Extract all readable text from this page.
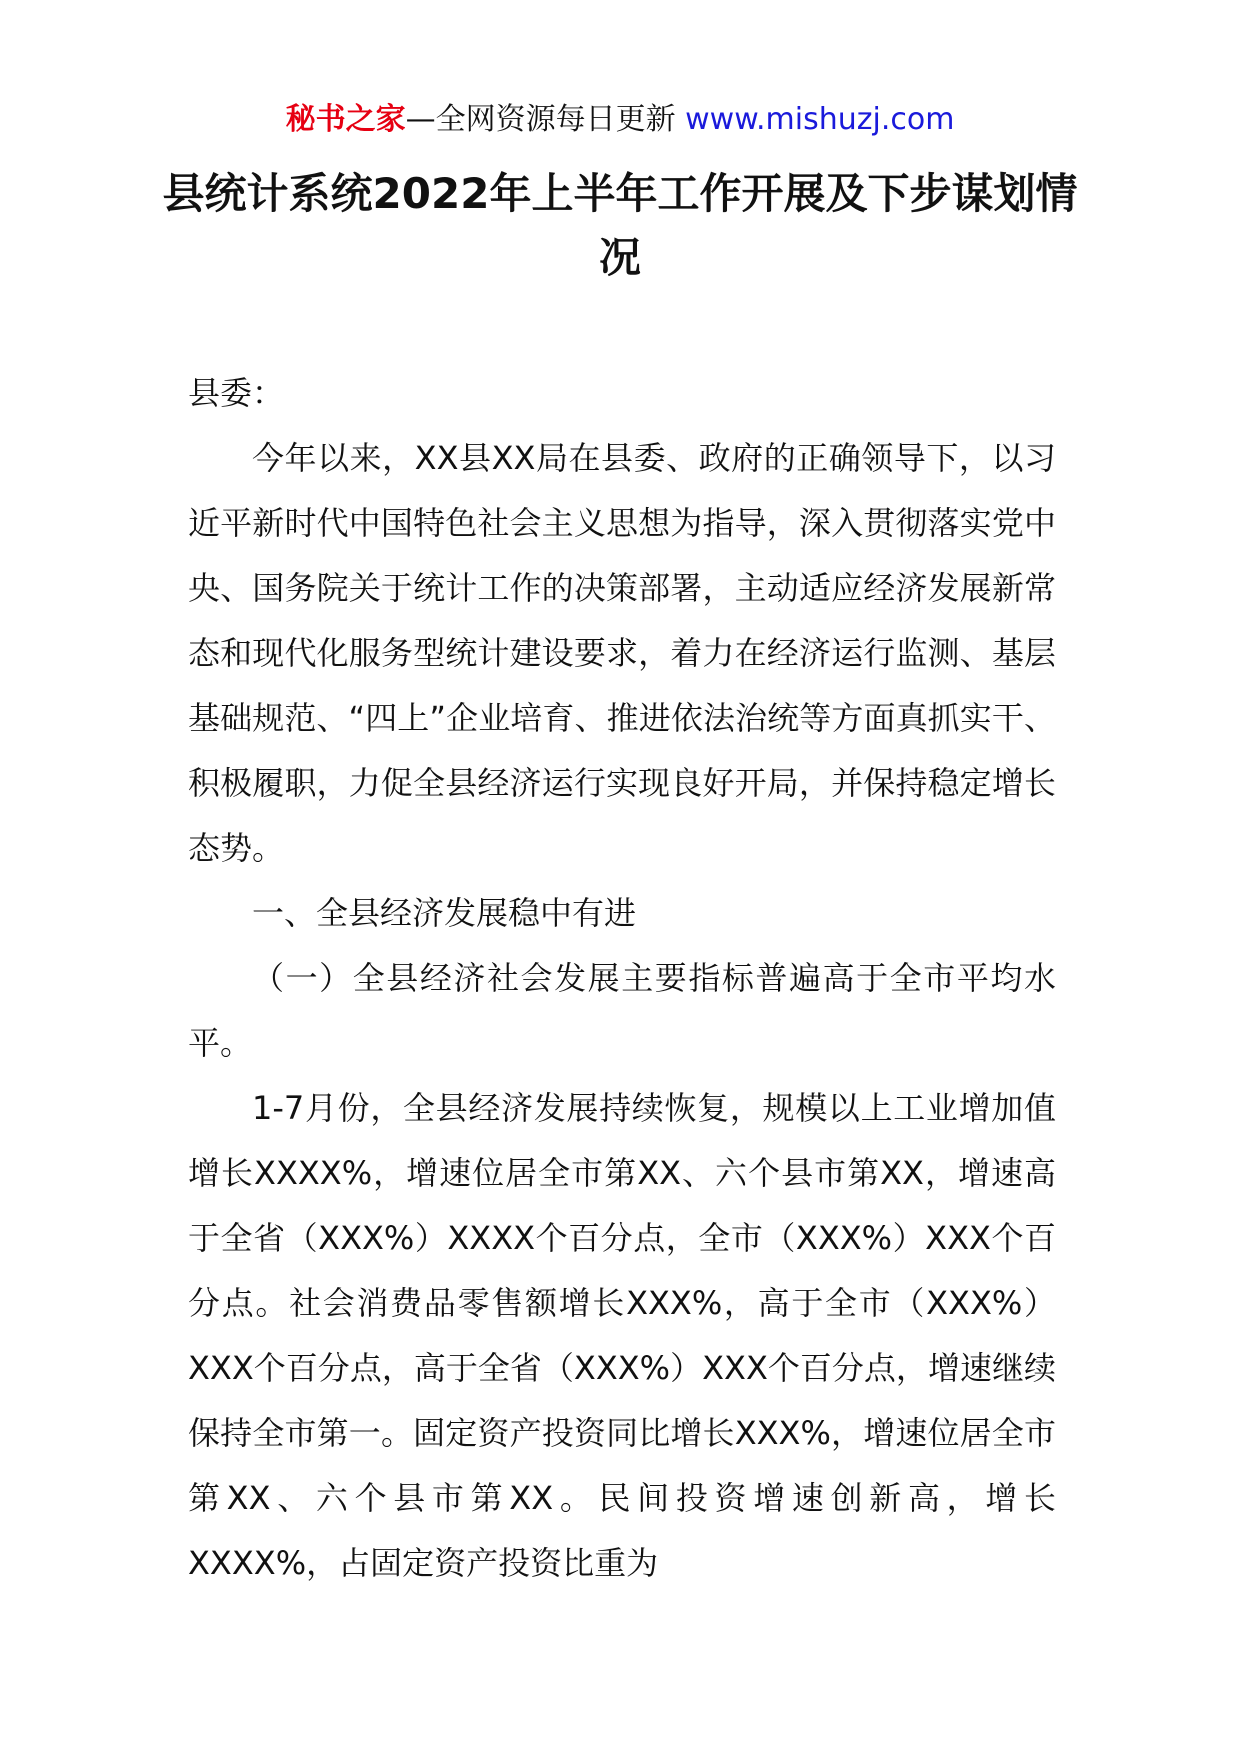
秘书之家—全网资源每日更新 www.mishuzj.com
县统计系统2022年上半年工作开展及下步谋划情况

县委：

今年以来，XX县XX局在县委、政府的正确领导下，以习近平新时代中国特色社会主义思想为指导，深入贯彻落实党中央、国务院关于统计工作的决策部署，主动适应经济发展新常态和现代化服务型统计建设要求，着力在经济运行监测、基层基础规范、“四上”企业培育、推进依法治统等方面真抓实干、积极履职，力促全县经济运行实现良好开局，并保持稳定增长态势。

一、全县经济发展稳中有进

（一）全县经济社会发展主要指标普遍高于全市平均水平。

1-7月份，全县经济发展持续恢复，规模以上工业增加值增长XXXX%，增速位居全市第XX、六个县市第XX，增速高于全省（XXX%）XXXX个百分点，全市（XXX%）XXX个百分点。社会消费品零售额增长XXX%，高于全市（XXX%）XXX个百分点，高于全省（XXX%）XXX个百分点，增速继续保持全市第一。固定资产投资同比增长XXX%，增速位居全市第XX、六个县市第XX。民间投资增速创新高，增长XXXX%，占固定资产投资比重为
